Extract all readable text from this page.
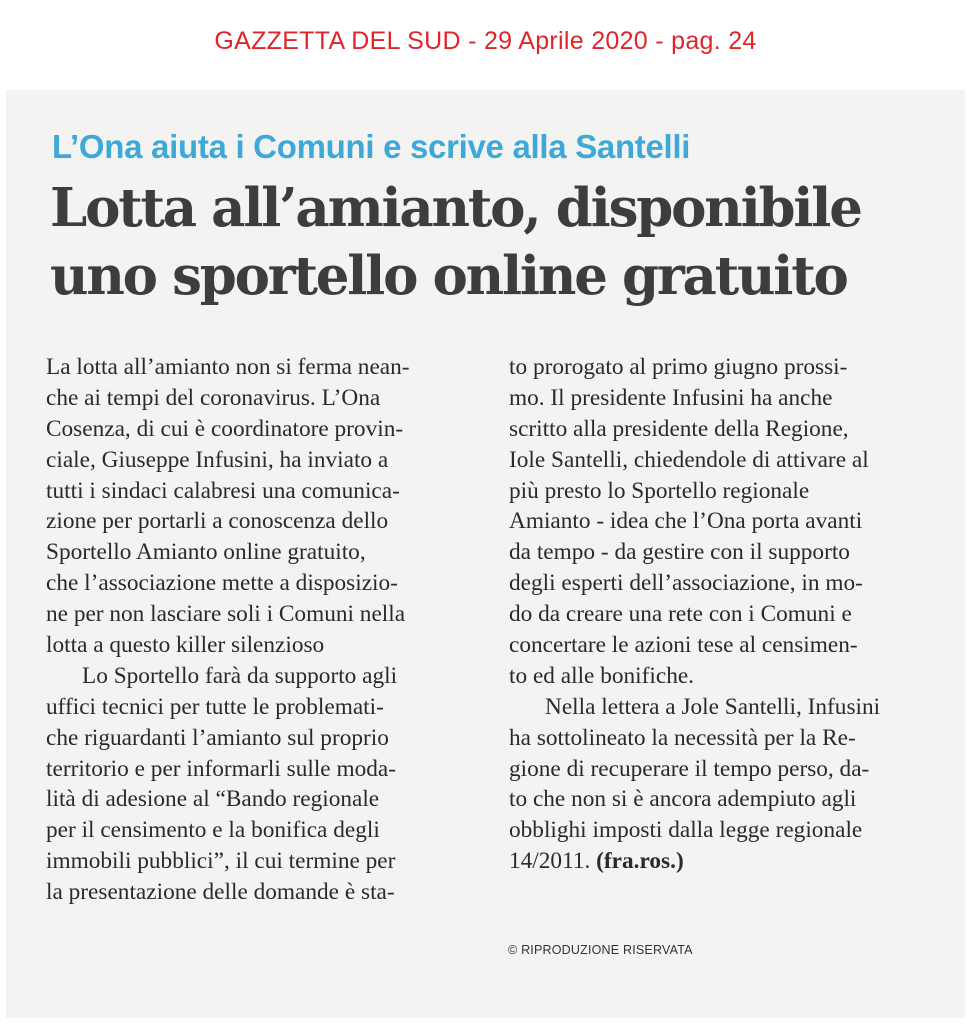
GAZZETTA DEL SUD - 29 Aprile 2020 - pag. 24
L’Ona aiuta i Comuni e scrive alla Santelli
Lotta all’amianto, disponibile
uno sportello online gratuito
La lotta all’amianto non si ferma nean-
che ai tempi del coronavirus. L’Ona
Cosenza, di cui è coordinatore provin-
ciale, Giuseppe Infusini, ha inviato a
tutti i sindaci calabresi una comunica-
zione per portarli a conoscenza dello
Sportello Amianto online gratuito,
che l’associazione mette a disposizio-
ne per non lasciare soli i Comuni nella
lotta a questo killer silenzioso
Lo Sportello farà da supporto agli
uffici tecnici per tutte le problemati-
che riguardanti l’amianto sul proprio
territorio e per informarli sulle moda-
lità di adesione al “Bando regionale
per il censimento e la bonifica degli
immobili pubblici”, il cui termine per
la presentazione delle domande è sta-
to prorogato al primo giugno prossi-
mo. Il presidente Infusini ha anche
scritto alla presidente della Regione,
Iole Santelli, chiedendole di attivare al
più presto lo Sportello regionale
Amianto - idea che l’Ona porta avanti
da tempo - da gestire con il supporto
degli esperti dell’associazione, in mo-
do da creare una rete con i Comuni e
concertare le azioni tese al censimen-
to ed alle bonifiche.
Nella lettera a Jole Santelli, Infusini
ha sottolineato la necessità per la Re-
gione di recuperare il tempo perso, da-
to che non si è ancora adempiuto agli
obblighi imposti dalla legge regionale
14/2011. (fra.ros.)
© RIPRODUZIONE RISERVATA
